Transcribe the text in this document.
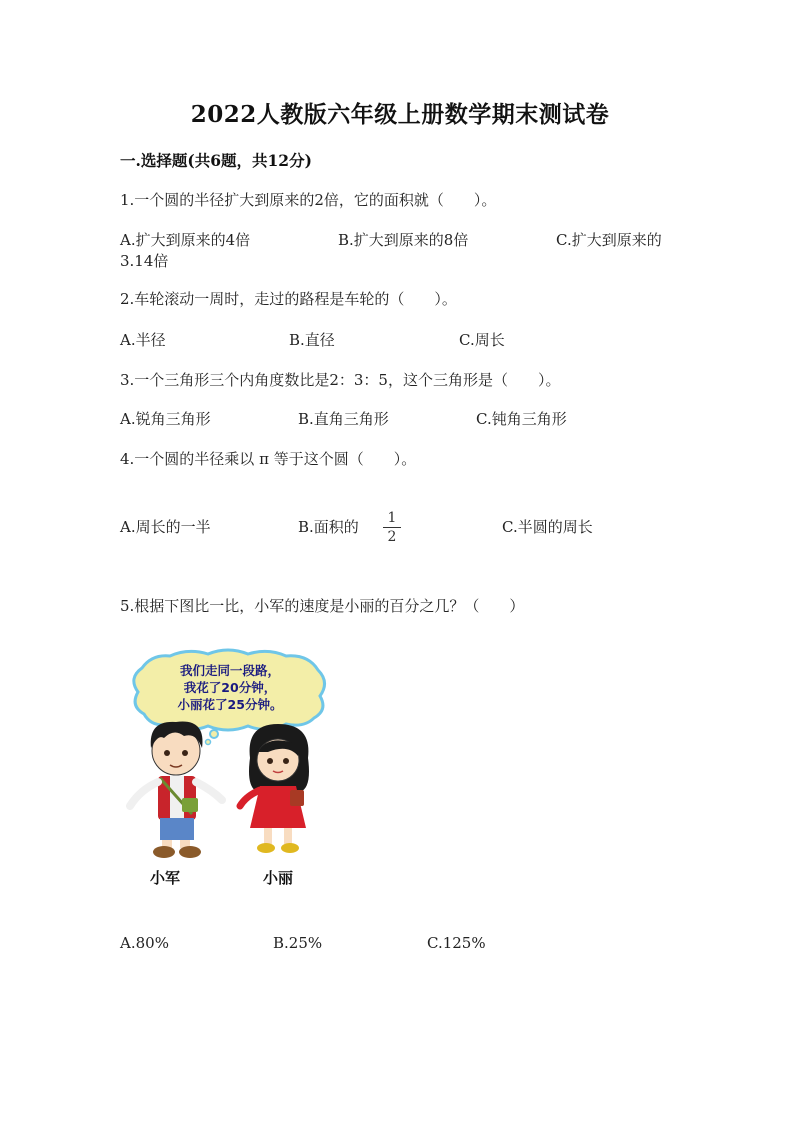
2022人教版六年级上册数学期末测试卷
一.选择题(共6题，共12分)
1.一个圆的半径扩大到原来的2倍，它的面积就（　　）。
A.扩大到原来的4倍	B.扩大到原来的8倍	C.扩大到原来的
3.14倍
2.车轮滚动一周时，走过的路程是车轮的（　　）。
A.半径	B.直径	C.周长
3.一个三角形三个内角度数比是2：3：5，这个三角形是（　　）。
A.锐角三角形	B.直角三角形	C.钝角三角形
4.一个圆的半径乘以 π 等于这个圆（　　）。
A.周长的一半	B.面积的	1
2
C.半圆的周长
5.根据下图比一比，小军的速度是小丽的百分之几？（　　）
我们走同一段路，
我花了20分钟，
小丽花了25分钟。
小军	小丽
A.80%	B.25%	C.125%
